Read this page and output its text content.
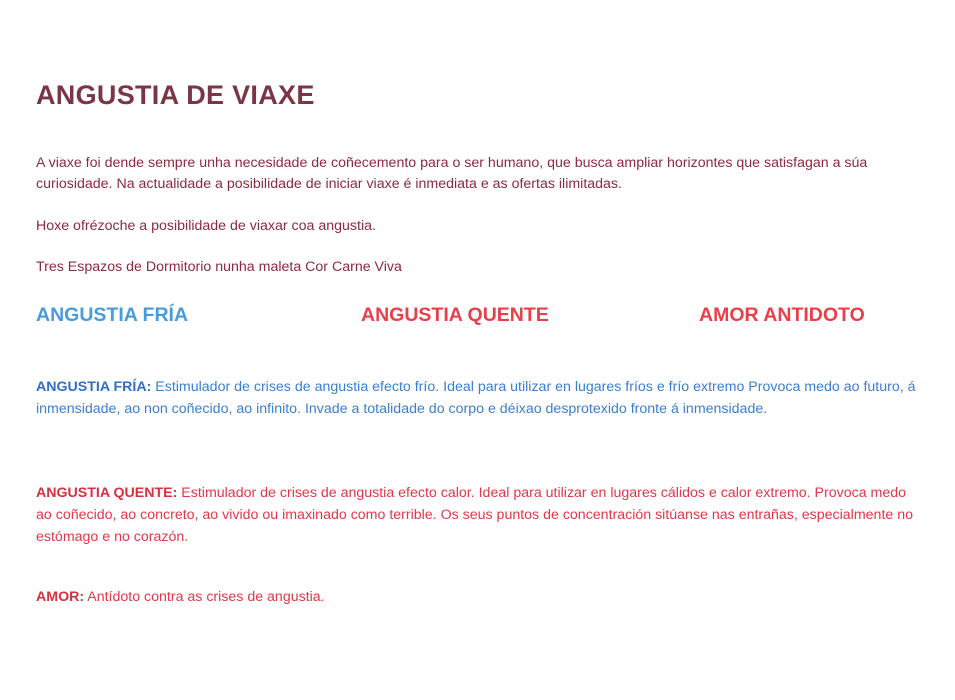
ANGUSTIA DE VIAXE

A viaxe foi dende sempre unha necesidade de coñecemento para o ser humano, que busca ampliar horizontes que satisfagan a súa curiosidade. Na actualidade a posibilidade de iniciar viaxe é inmediata e as ofertas ilimitadas.

Hoxe ofrézoche a posibilidade de viaxar coa angustia.

Tres Espazos de Dormitorio nunha maleta Cor Carne Viva

ANGUSTIA FRÍA	ANGUSTIA QUENTE	AMOR ANTIDOTO

ANGUSTIA FRÍA: Estimulador de crises de angustia efecto frío. Ideal para utilizar en lugares fríos e frío extremo Provoca medo ao futuro, á inmensidade, ao non coñecido, ao infinito. Invade a totalidade do corpo e déixao desprotexido fronte á inmensidade.

ANGUSTIA QUENTE: Estimulador de crises de angustia efecto calor. Ideal para utilizar en lugares cálidos e calor extremo. Provoca medo ao coñecido, ao concreto, ao vivido ou imaxinado como terrible. Os seus puntos de concentración sitúanse nas entrañas, especialmente no estómago e no corazón.

AMOR: Antídoto contra as crises de angustia.
